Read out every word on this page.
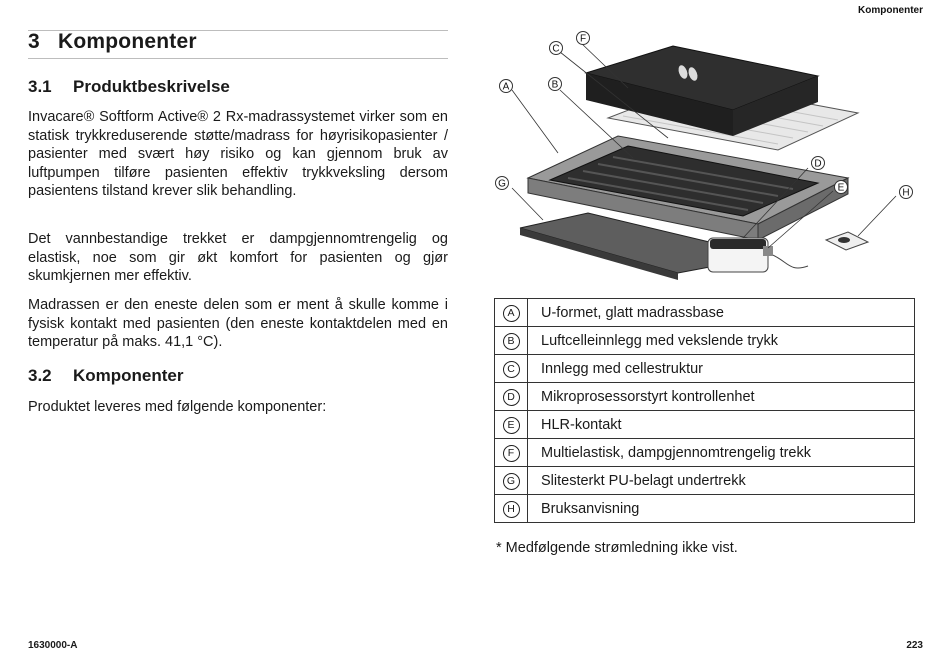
Komponenter
3 Komponenter
3.1 Produktbeskrivelse
Invacare® Softform Active® 2 Rx-madrassystemet virker som en statisk trykkreduserende støtte/madrass for høyrisikopasienter / pasienter med svært høy risiko og kan gjennom bruk av luftpumpen tilføre pasienten effektiv trykkveksling dersom pasientens tilstand krever slik behandling.
Det vannbestandige trekket er dampgjennomtrengelig og elastisk, noe som gir økt komfort for pasienten og gjør skumkjernen mer effektiv.
Madrassen er den eneste delen som er ment å skulle komme i fysisk kontakt med pasienten (den eneste kontaktdelen med en temperatur på maks. 41,1 °C).
3.2 Komponenter
Produktet leveres med følgende komponenter:
A	B
C
D
E
F
G
H
A	U-formet, glatt madrassbase
B	Luftcelleinnlegg med vekslende trykk
C	Innlegg med cellestruktur
D	Mikroprosessorstyrt kontrollenhet
E	HLR-kontakt
F	Multielastisk, dampgjennomtrengelig trekk
G	Slitesterkt PU-belagt undertrekk
H	Bruksanvisning
* Medfølgende strømledning ikke vist.
1630000-A	223
